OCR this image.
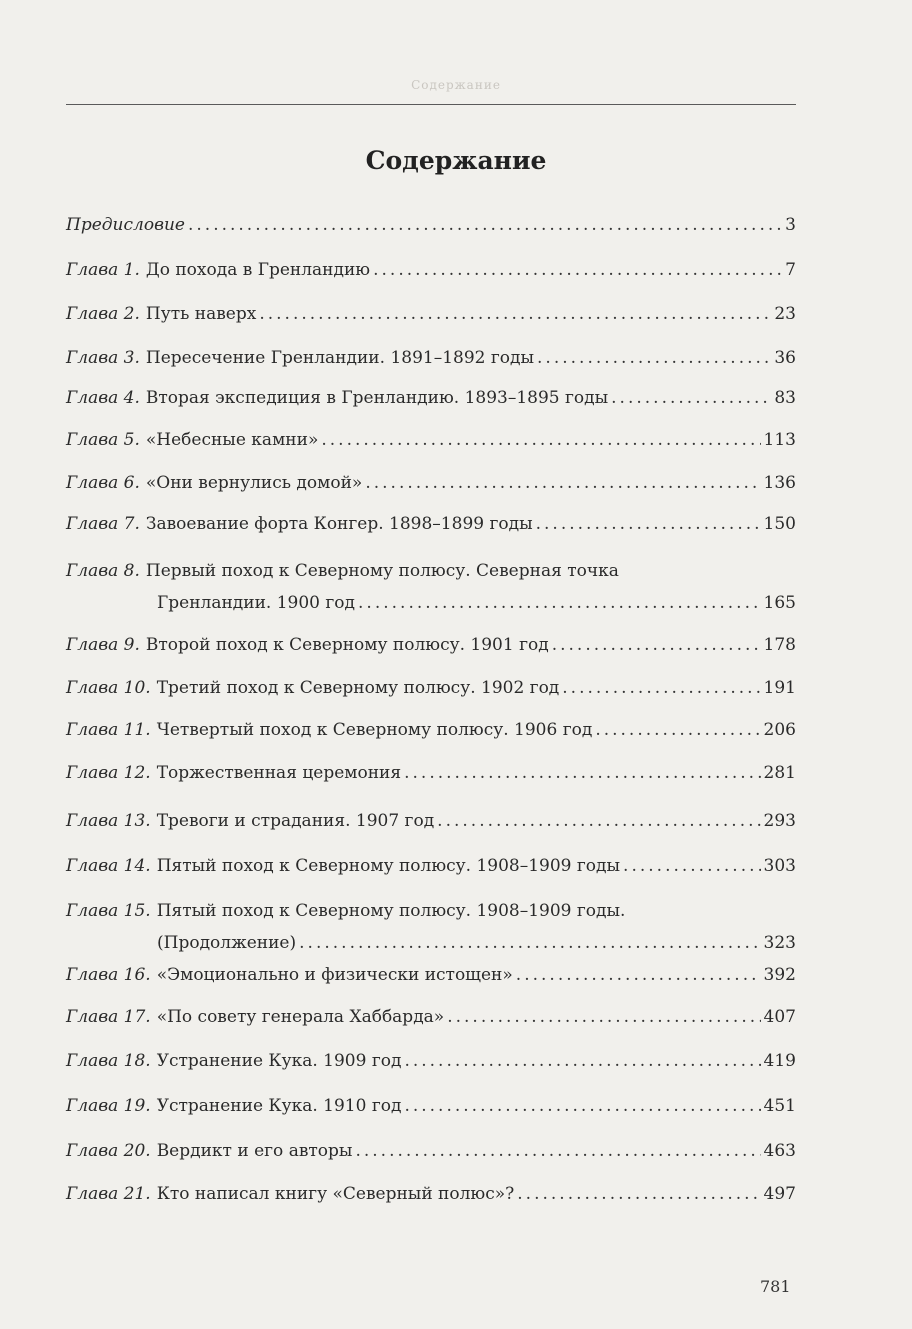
Содержание
Содержание
Предисловие .....	3
Глава 1. До похода в Гренландию .....	7
Глава 2. Путь наверх .....	23
Глава 3. Пересечение Гренландии. 1891–1892 годы .....	36
Глава 4. Вторая экспедиция в Гренландию. 1893–1895 годы .....	83
Глава 5. «Небесные камни» .....	113
Глава 6. «Они вернулись домой» .....	136
Глава 7. Завоевание форта Конгер. 1898–1899 годы .....	150
Глава 8. Первый поход к Северному полюсу. Северная точка
Гренландии. 1900 год .....	165
Глава 9. Второй поход к Северному полюсу. 1901 год .....	178
Глава 10. Третий поход к Северному полюсу. 1902 год .....	191
Глава 11. Четвертый поход к Северному полюсу. 1906 год .....	206
Глава 12. Торжественная церемония .....	281
Глава 13. Тревоги и страдания. 1907 год .....	293
Глава 14. Пятый поход к Северному полюсу. 1908–1909 годы .....	303
Глава 15. Пятый поход к Северному полюсу. 1908–1909 годы.
(Продолжение) .....	323
Глава 16. «Эмоционально и физически истощен» .....	392
Глава 17. «По совету генерала Хаббарда» .....	407
Глава 18. Устранение Кука. 1909 год .....	419
Глава 19. Устранение Кука. 1910 год .....	451
Глава 20. Вердикт и его авторы .....	463
Глава 21. Кто написал книгу «Северный полюс»? .....	497
781
